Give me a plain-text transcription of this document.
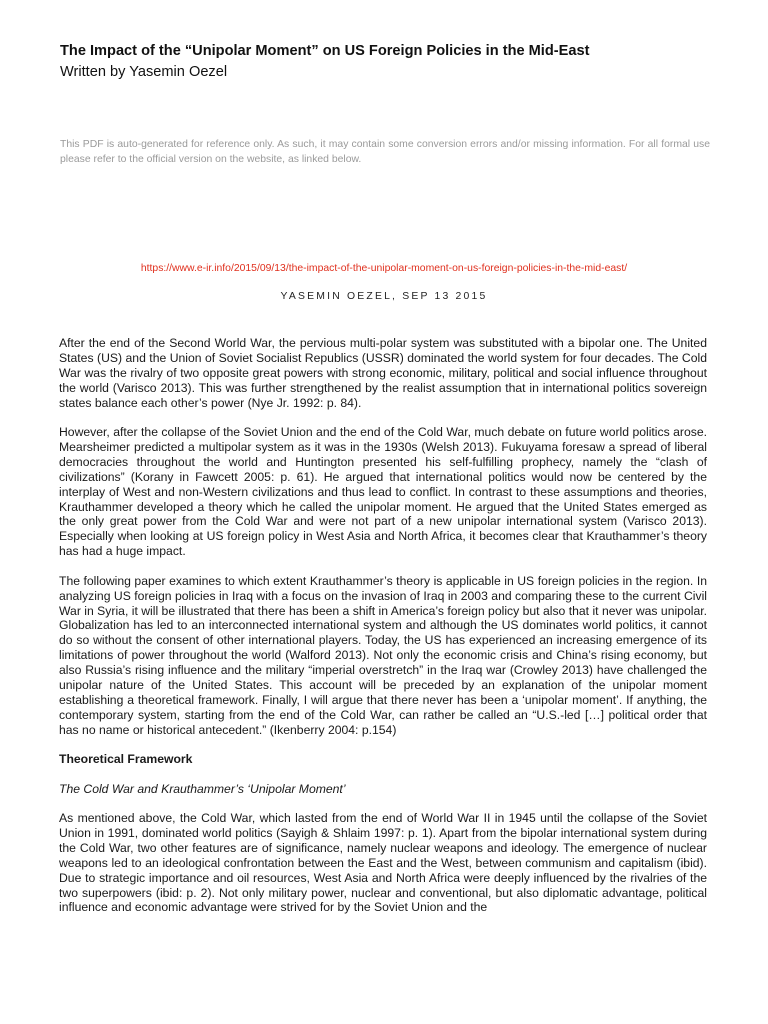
The Impact of the “Unipolar Moment” on US Foreign Policies in the Mid-East
Written by Yasemin Oezel
This PDF is auto-generated for reference only. As such, it may contain some conversion errors and/or missing information. For all formal use please refer to the official version on the website, as linked below.
https://www.e-ir.info/2015/09/13/the-impact-of-the-unipolar-moment-on-us-foreign-policies-in-the-mid-east/
YASEMIN OEZEL, SEP 13 2015

After the end of the Second World War, the pervious multi-polar system was substituted with a bipolar one. The United States (US) and the Union of Soviet Socialist Republics (USSR) dominated the world system for four decades. The Cold War was the rivalry of two opposite great powers with strong economic, military, political and social influence throughout the world (Varisco 2013). This was further strengthened by the realist assumption that in international politics sovereign states balance each other’s power (Nye Jr. 1992: p. 84).

However, after the collapse of the Soviet Union and the end of the Cold War, much debate on future world politics arose. Mearsheimer predicted a multipolar system as it was in the 1930s (Welsh 2013). Fukuyama foresaw a spread of liberal democracies throughout the world and Huntington presented his self-fulfilling prophecy, namely the “clash of civilizations” (Korany in Fawcett 2005: p. 61). He argued that international politics would now be centered by the interplay of West and non-Western civilizations and thus lead to conflict. In contrast to these assumptions and theories, Krauthammer developed a theory which he called the unipolar moment. He argued that the United States emerged as the only great power from the Cold War and were not part of a new unipolar international system (Varisco 2013). Especially when looking at US foreign policy in West Asia and North Africa, it becomes clear that Krauthammer’s theory has had a huge impact.

The following paper examines to which extent Krauthammer’s theory is applicable in US foreign policies in the region. In analyzing US foreign policies in Iraq with a focus on the invasion of Iraq in 2003 and comparing these to the current Civil War in Syria, it will be illustrated that there has been a shift in America’s foreign policy but also that it never was unipolar. Globalization has led to an interconnected international system and although the US dominates world politics, it cannot do so without the consent of other international players. Today, the US has experienced an increasing emergence of its limitations of power throughout the world (Walford 2013). Not only the economic crisis and China’s rising economy, but also Russia’s rising influence and the military “imperial overstretch” in the Iraq war (Crowley 2013) have challenged the unipolar nature of the United States. This account will be preceded by an explanation of the unipolar moment establishing a theoretical framework. Finally, I will argue that there never has been a ‘unipolar moment’. If anything, the contemporary system, starting from the end of the Cold War, can rather be called an “U.S.-led […] political order that has no name or historical antecedent.” (Ikenberry 2004: p.154)

Theoretical Framework
The Cold War and Krauthammer’s ‘Unipolar Moment’

As mentioned above, the Cold War, which lasted from the end of World War II in 1945 until the collapse of the Soviet Union in 1991, dominated world politics (Sayigh & Shlaim 1997: p. 1). Apart from the bipolar international system during the Cold War, two other features are of significance, namely nuclear weapons and ideology. The emergence of nuclear weapons led to an ideological confrontation between the East and the West, between communism and capitalism (ibid). Due to strategic importance and oil resources, West Asia and North Africa were deeply influenced by the rivalries of the two superpowers (ibid: p. 2). Not only military power, nuclear and conventional, but also diplomatic advantage, political influence and economic advantage were strived for by the Soviet Union and the
